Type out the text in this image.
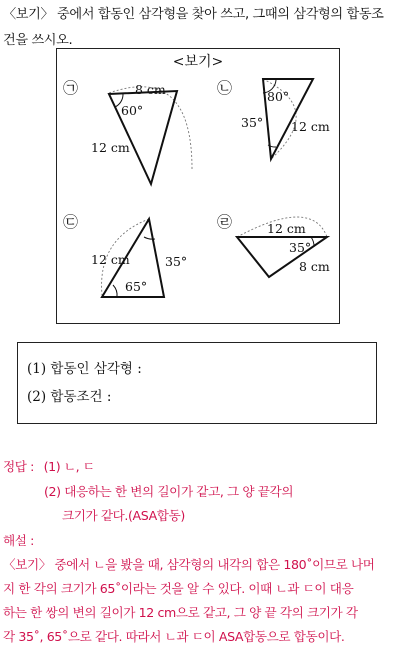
〈보기〉 중에서 합동인 삼각형을 찾아 쓰고, 그때의 삼각형의 합동조
건을 쓰시오.
<보기>
㉠	8 cm
60°
12 cm
㉡	80°
35° 12 cm
㉢
12 cm	35°
65°
㉣	12 cm
35°
8 cm
(1) 합동인 삼각형 :
(2) 합동조건 :
정답 : (1) ㄴ, ㄷ
(2) 대응하는 한 변의 길이가 같고, 그 양 끝각의
크기가 같다.(ASA합동)
해설 :
〈보기〉 중에서 ㄴ을 봤을 때, 삼각형의 내각의 합은 180˚이므로 나머
지 한 각의 크기가 65˚이라는 것을 알 수 있다. 이때 ㄴ과 ㄷ이 대응
하는 한 쌍의 변의 길이가 12 cm으로 같고, 그 양 끝 각의 크기가 각
각 35˚, 65˚으로 같다. 따라서 ㄴ과 ㄷ이 ASA합동으로 합동이다.
